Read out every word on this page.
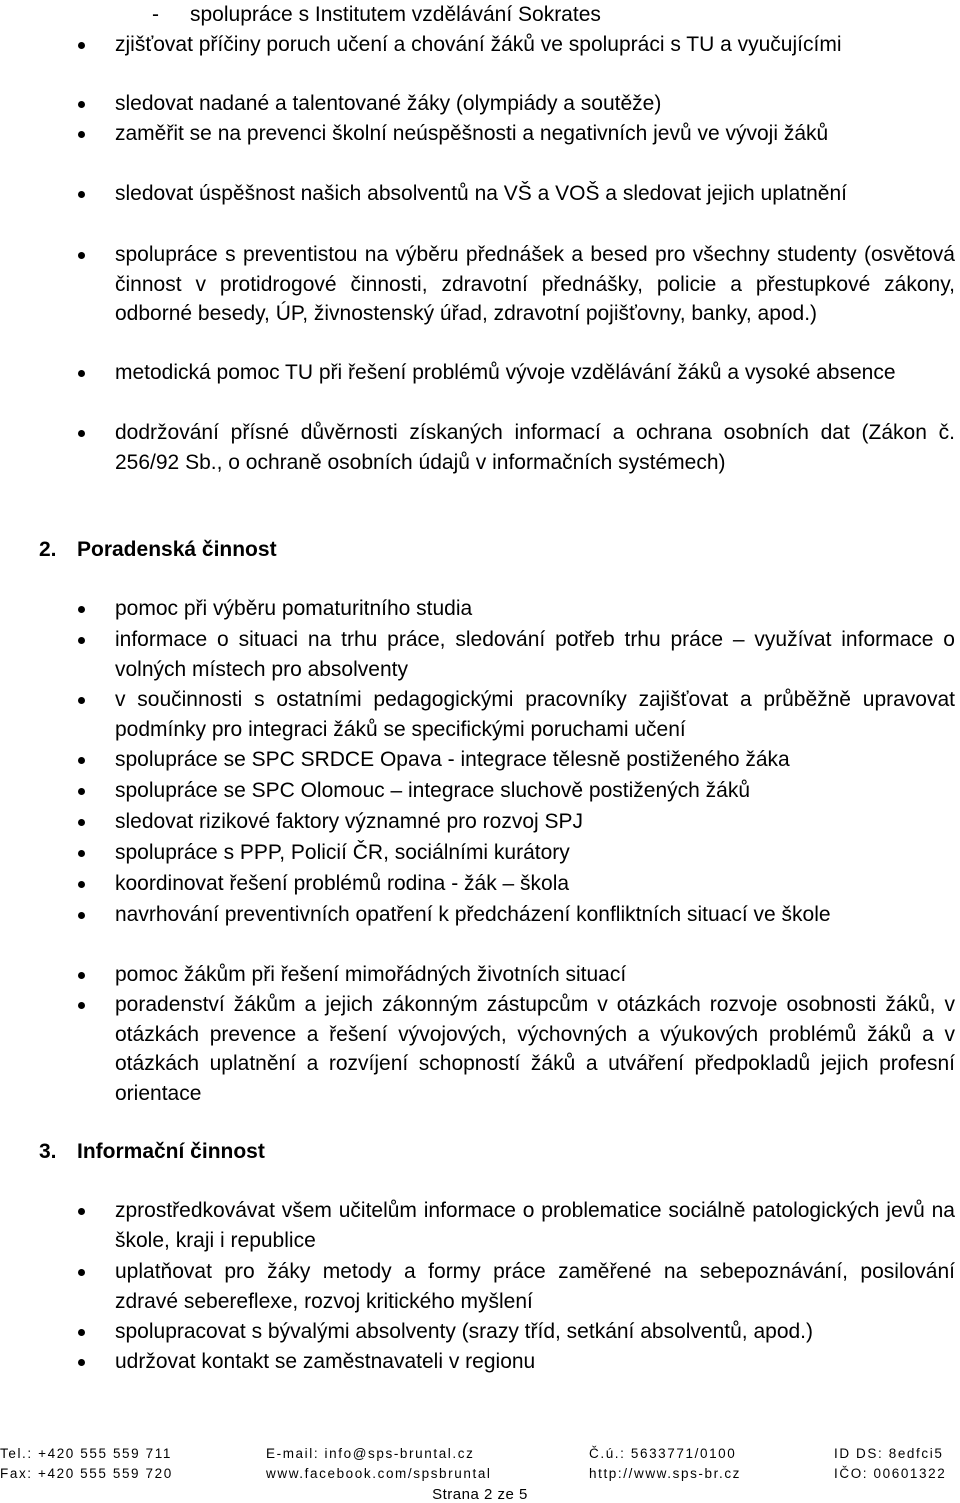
- spolupráce s Institutem vzdělávání Sokrates
zjišťovat příčiny poruch učení a chování žáků ve spolupráci s TU a vyučujícími
sledovat nadané a talentované žáky (olympiády a soutěže)
zaměřit se na prevenci školní neúspěšnosti a negativních jevů ve vývoji žáků
sledovat úspěšnost našich absolventů na VŠ a VOŠ a sledovat jejich uplatnění
spolupráce s preventistou na výběru přednášek a besed pro všechny studenty (osvětová činnost v protidrogové činnosti, zdravotní přednášky, policie a přestupkové zákony, odborné besedy, ÚP, živnostenský úřad, zdravotní pojišťovny, banky, apod.)
metodická pomoc TU při řešení problémů vývoje vzdělávání žáků a vysoké absence
dodržování přísné důvěrnosti získaných informací a ochrana osobních dat (Zákon č. 256/92 Sb., o ochraně osobních údajů v informačních systémech)
2. Poradenská činnost
pomoc při výběru pomaturitního studia
informace o situaci na trhu práce, sledování potřeb trhu práce – využívat informace o volných místech pro absolventy
v součinnosti s ostatními pedagogickými pracovníky zajišťovat a průběžně upravovat podmínky pro integraci žáků se specifickými poruchami učení
spolupráce se SPC SRDCE Opava - integrace tělesně postiženého žáka
spolupráce se SPC Olomouc – integrace sluchově postižených žáků
sledovat rizikové faktory významné pro rozvoj SPJ
spolupráce s PPP, Policií ČR, sociálními kurátory
koordinovat řešení problémů rodina - žák – škola
navrhování preventivních opatření k předcházení konfliktních situací ve škole
pomoc žákům při řešení mimořádných životních situací
poradenství žákům a jejich zákonným zástupcům v otázkách rozvoje osobnosti žáků, v otázkách prevence a řešení vývojových, výchovných a výukových problémů žáků a v otázkách uplatnění a rozvíjení schopností žáků a utváření předpokladů jejich profesní orientace
3. Informační činnost
zprostředkovávat všem učitelům informace o problematice sociálně patologických jevů na škole, kraji i republice
uplatňovat pro žáky metody a formy práce zaměřené na sebepoznávání, posilování zdravé sebereflexe, rozvoj kritického myšlení
spolupracovat s bývalými absolventy (srazy tříd, setkání absolventů, apod.)
udržovat kontakt se zaměstnavateli v regionu
Tel.: +420 555 559 711	E-mail: info@sps-bruntal.cz	Č.ú.: 5633771/0100	ID DS: 8edfci5
Fax: +420 555 559 720	www.facebook.com/spsbruntal	http://www.sps-br.cz	IČO: 00601322
Strana 2 ze 5
